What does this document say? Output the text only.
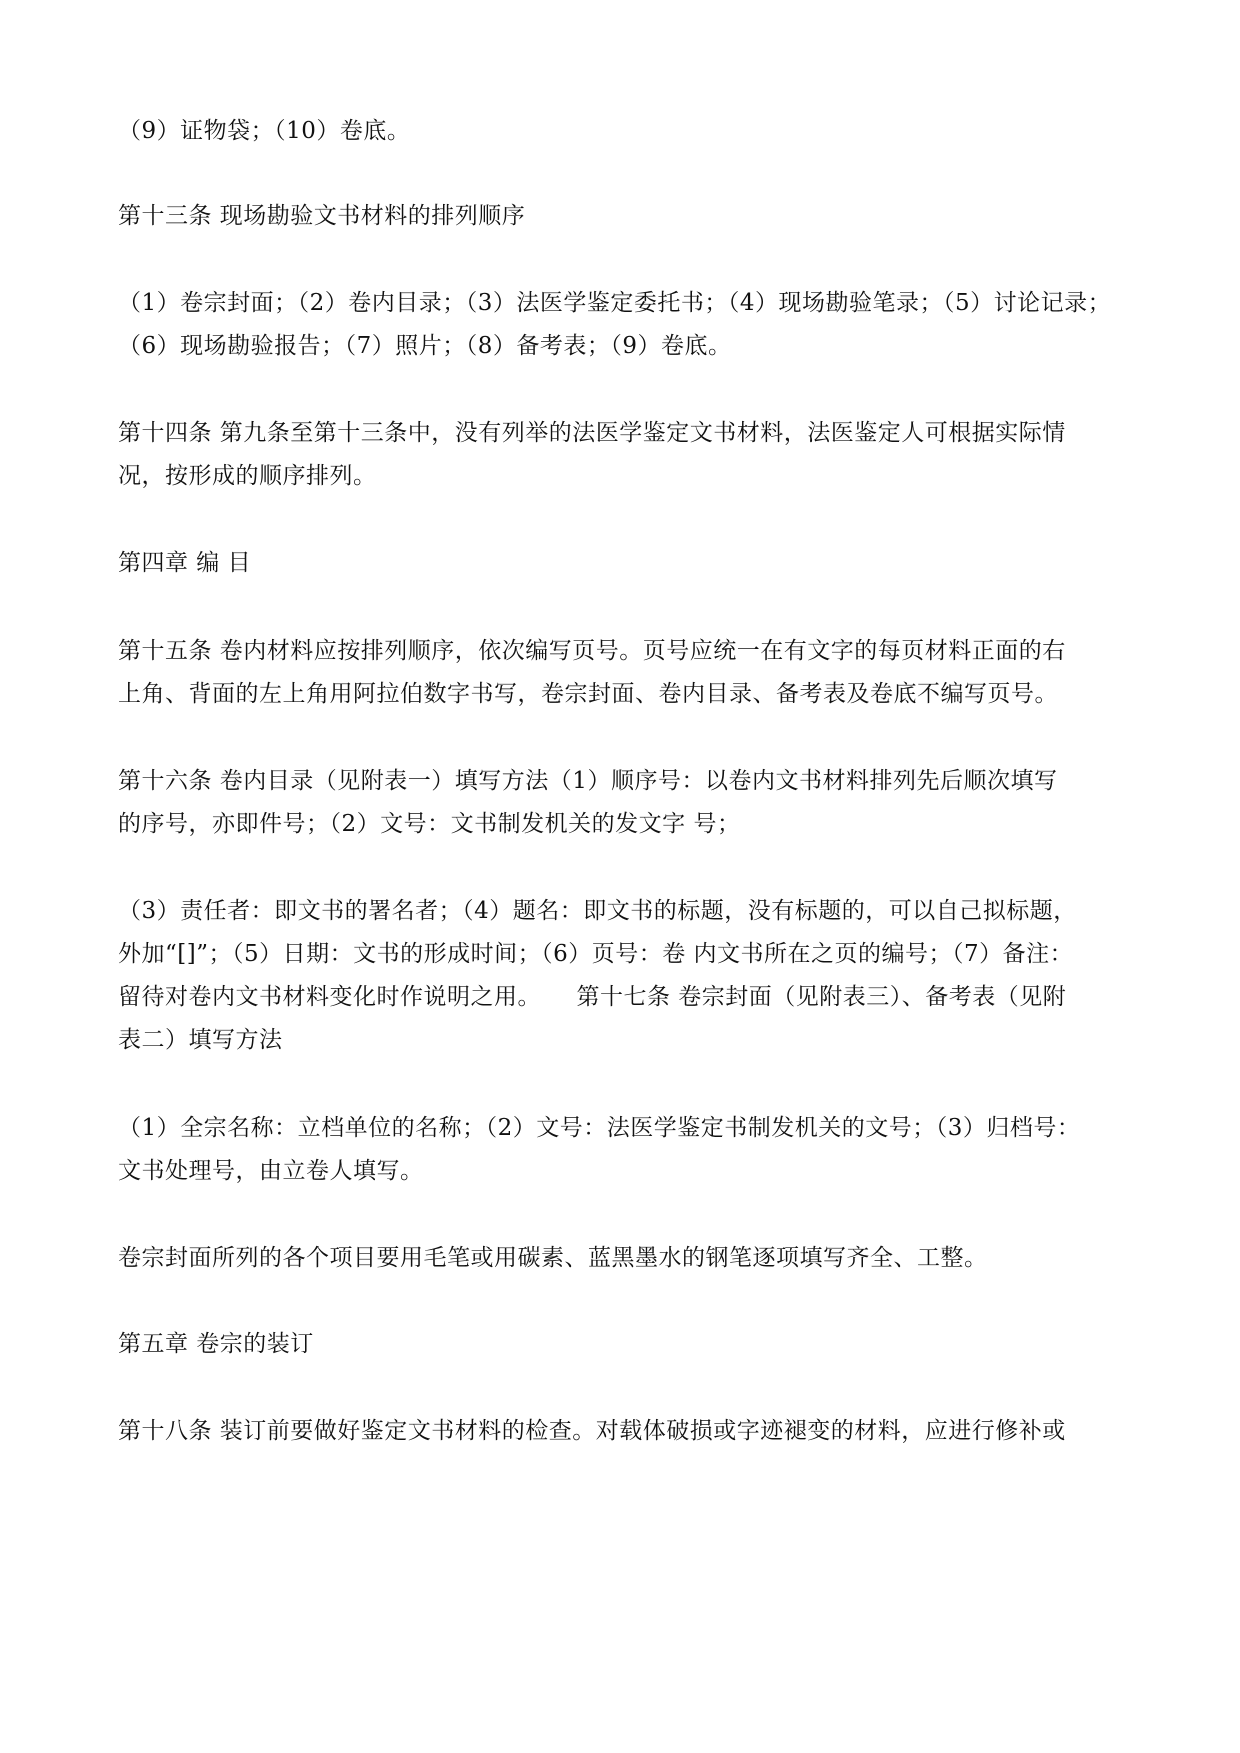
（9）证物袋；（10）卷底。

第十三条 现场勘验文书材料的排列顺序

（1）卷宗封面；（2）卷内目录；（3）法医学鉴定委托书；（4）现场勘验笔录；（5）讨论记录；
（6）现场勘验报告；（7）照片；（8）备考表；（9）卷底。

第十四条 第九条至第十三条中，没有列举的法医学鉴定文书材料，法医鉴定人可根据实际情
况，按形成的顺序排列。

第四章 编 目

第十五条 卷内材料应按排列顺序，依次编写页号。页号应统一在有文字的每页材料正面的右
上角、背面的左上角用阿拉伯数字书写，卷宗封面、卷内目录、备考表及卷底不编写页号。

第十六条 卷内目录（见附表一）填写方法（1）顺序号：以卷内文书材料排列先后顺次填写
的序号，亦即件号；（2）文号：文书制发机关的发文字 号；

（3）责任者：即文书的署名者；（4）题名：即文书的标题，没有标题的，可以自己拟标题，
外加“[]”；（5）日期：文书的形成时间；（6）页号：卷 内文书所在之页的编号；（7）备注：
留待对卷内文书材料变化时作说明之用。　　第十七条 卷宗封面（见附表三）、备考表（见附
表二）填写方法

（1）全宗名称：立档单位的名称；（2）文号：法医学鉴定书制发机关的文号；（3）归档号：
文书处理号，由立卷人填写。

卷宗封面所列的各个项目要用毛笔或用碳素、蓝黑墨水的钢笔逐项填写齐全、工整。

第五章 卷宗的装订

第十八条 装订前要做好鉴定文书材料的检查。对载体破损或字迹褪变的材料，应进行修补或
